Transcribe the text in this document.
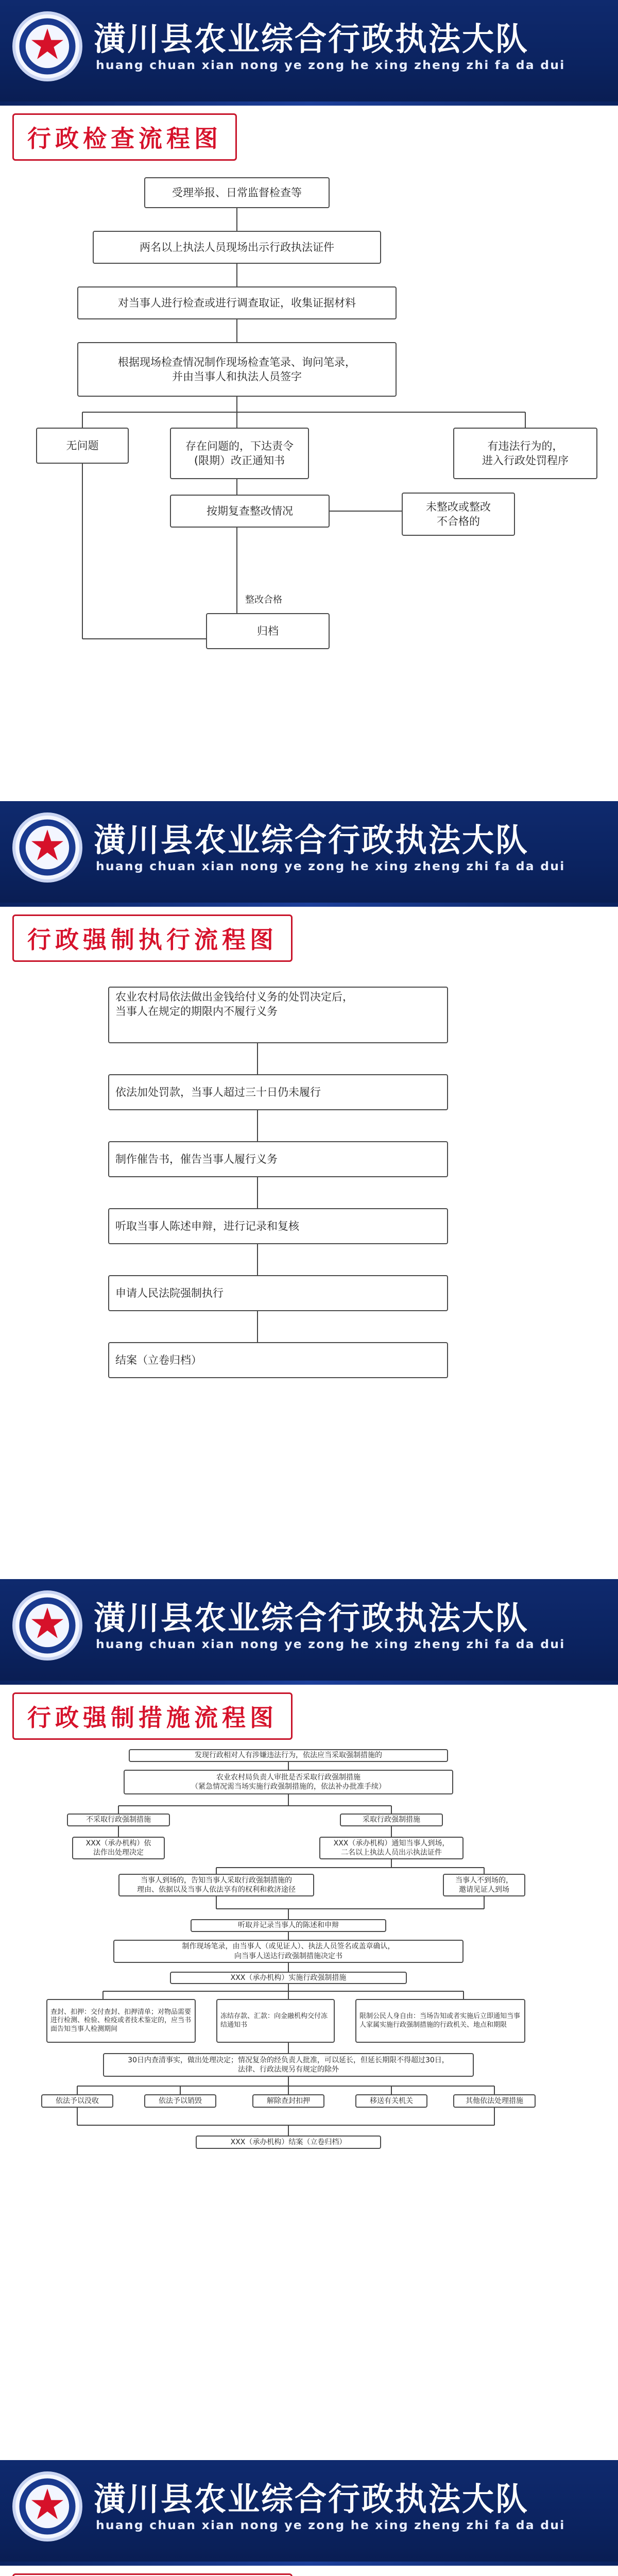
潢川县农业综合行政执法大队
huang chuan xian nong ye zong he xing zheng zhi fa da dui
行政检查流程图
受理举报、日常监督检查等
两名以上执法人员现场出示行政执法证件
对当事人进行检查或进行调查取证，收集证据材料
根据现场检查情况制作现场检查笔录、询问笔录，
并由当事人和执法人员签字
无问题	存在问题的，下达责令
(限期）改正通知书
有违法行为的，
进入行政处罚程序
按期复查整改情况	未整改或整改
不合格的
整改合格
归档
潢川县农业综合行政执法大队
huang chuan xian nong ye zong he xing zheng zhi fa da dui
行政强制执行流程图
农业农村局依法做出金钱给付义务的处罚决定后，
当事人在规定的期限内不履行义务
依法加处罚款，当事人超过三十日仍未履行
制作催告书，催告当事人履行义务
听取当事人陈述申辩，进行记录和复核
申请人民法院强制执行
结案（立卷归档）
潢川县农业综合行政执法大队
huang chuan xian nong ye zong he xing zheng zhi fa da dui
行政强制措施流程图
发现行政相对人有涉嫌违法行为，依法应当采取强制措施的
农业农村局负责人审批是否采取行政强制措施
（紧急情况需当场实施行政强制措施的，依法补办批准手续）
不采取行政强制措施	采取行政强制措施
XXX（承办机构）依
法作出处理决定
XXX（承办机构）通知当事人到场，
二名以上执法人员出示执法证件
当事人到场的，告知当事人采取行政强制措施的
理由、依据以及当事人依法享有的权利和救济途径
当事人不到场的，
邀请见证人到场
听取并记录当事人的陈述和申辩
制作现场笔录，由当事人（或见证人）、执法人员签名或盖章确认，
向当事人送达行政强制措施决定书
XXX（承办机构）实施行政强制措施
查封、扣押：交付查封、扣押清单；对物品需要进行检测、检验、检疫或者技术鉴定的，应当书面告知当事人检测期间
冻结存款、汇款：向金融机构交付冻结通知书
限制公民人身自由：当场告知或者实施后立即通知当事人家属实施行政强制措施的行政机关、地点和期限
30日内查清事实，做出处理决定；情况复杂的经负责人批准，可以延长，但延长期限不得超过30日，
法律、行政法规另有规定的除外
依法予以没收	依法予以销毁	解除查封扣押	移送有关机关	其他依法处理措施
XXX（承办机构）结案（立卷归档）
潢川县农业综合行政执法大队
huang chuan xian nong ye zong he xing zheng zhi fa da dui
